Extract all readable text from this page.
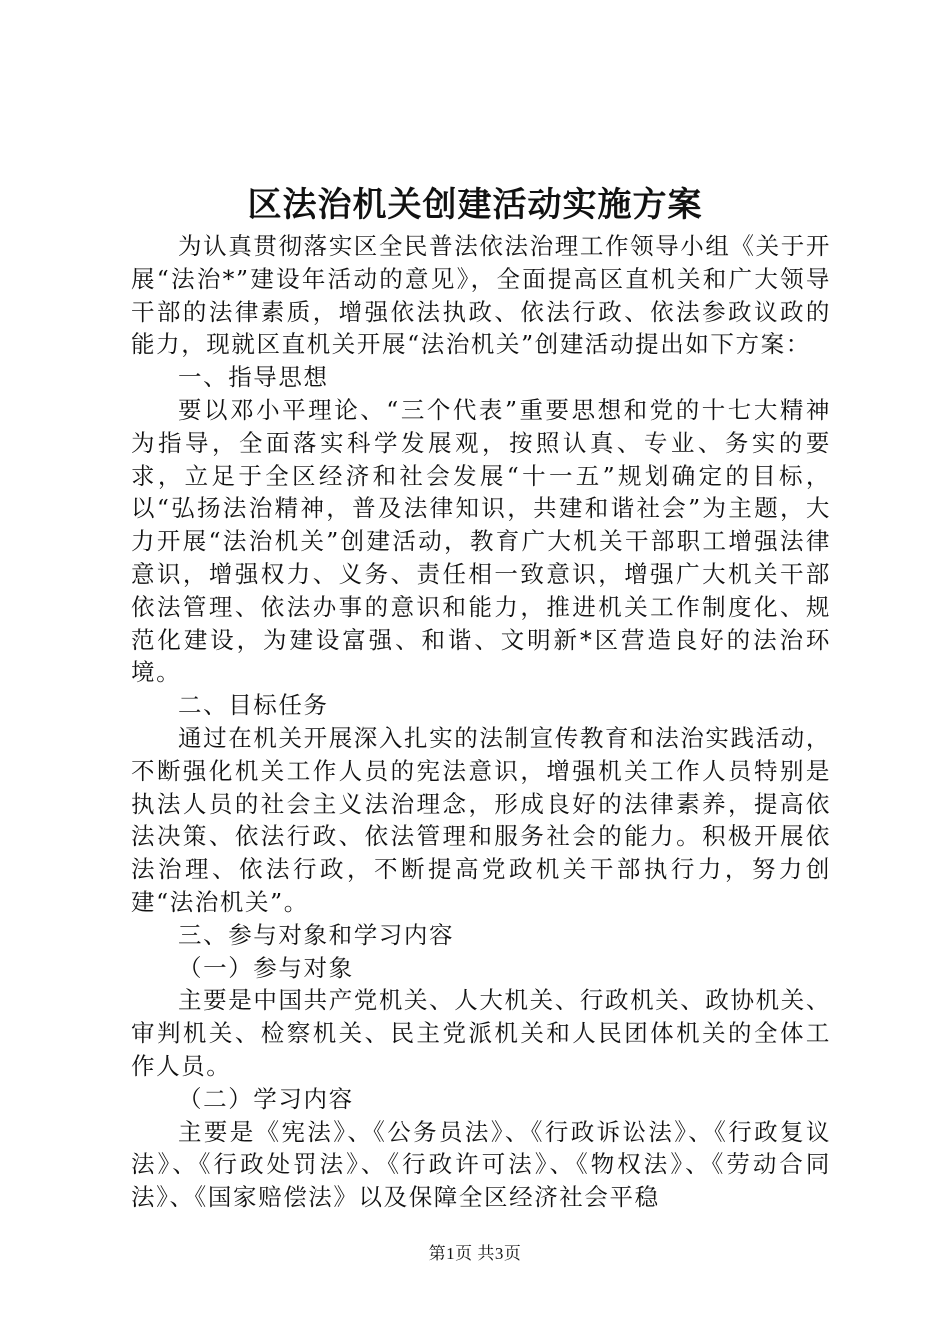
区法治机关创建活动实施方案

为认真贯彻落实区全民普法依法治理工作领导小组《关于开展“法治*”建设年活动的意见》，全面提高区直机关和广大领导干部的法律素质，增强依法执政、依法行政、依法参政议政的能力，现就区直机关开展“法治机关”创建活动提出如下方案：

一、指导思想

要以邓小平理论、“三个代表”重要思想和党的十七大精神为指导，全面落实科学发展观，按照认真、专业、务实的要求，立足于全区经济和社会发展“十一五”规划确定的目标，以“弘扬法治精神，普及法律知识，共建和谐社会”为主题，大力开展“法治机关”创建活动，教育广大机关干部职工增强法律意识，增强权力、义务、责任相一致意识，增强广大机关干部依法管理、依法办事的意识和能力，推进机关工作制度化、规范化建设，为建设富强、和谐、文明新*区营造良好的法治环境。

二、目标任务

通过在机关开展深入扎实的法制宣传教育和法治实践活动，不断强化机关工作人员的宪法意识，增强机关工作人员特别是执法人员的社会主义法治理念，形成良好的法律素养，提高依法决策、依法行政、依法管理和服务社会的能力。积极开展依法治理、依法行政，不断提高党政机关干部执行力，努力创建“法治机关”。

三、参与对象和学习内容

（一）参与对象

主要是中国共产党机关、人大机关、行政机关、政协机关、审判机关、检察机关、民主党派机关和人民团体机关的全体工作人员。

（二）学习内容

主要是《宪法》、《公务员法》、《行政诉讼法》、《行政复议法》、《行政处罚法》、《行政许可法》、《物权法》、《劳动合同法》、《国家赔偿法》以及保障全区经济社会平稳

第1页 共3页
